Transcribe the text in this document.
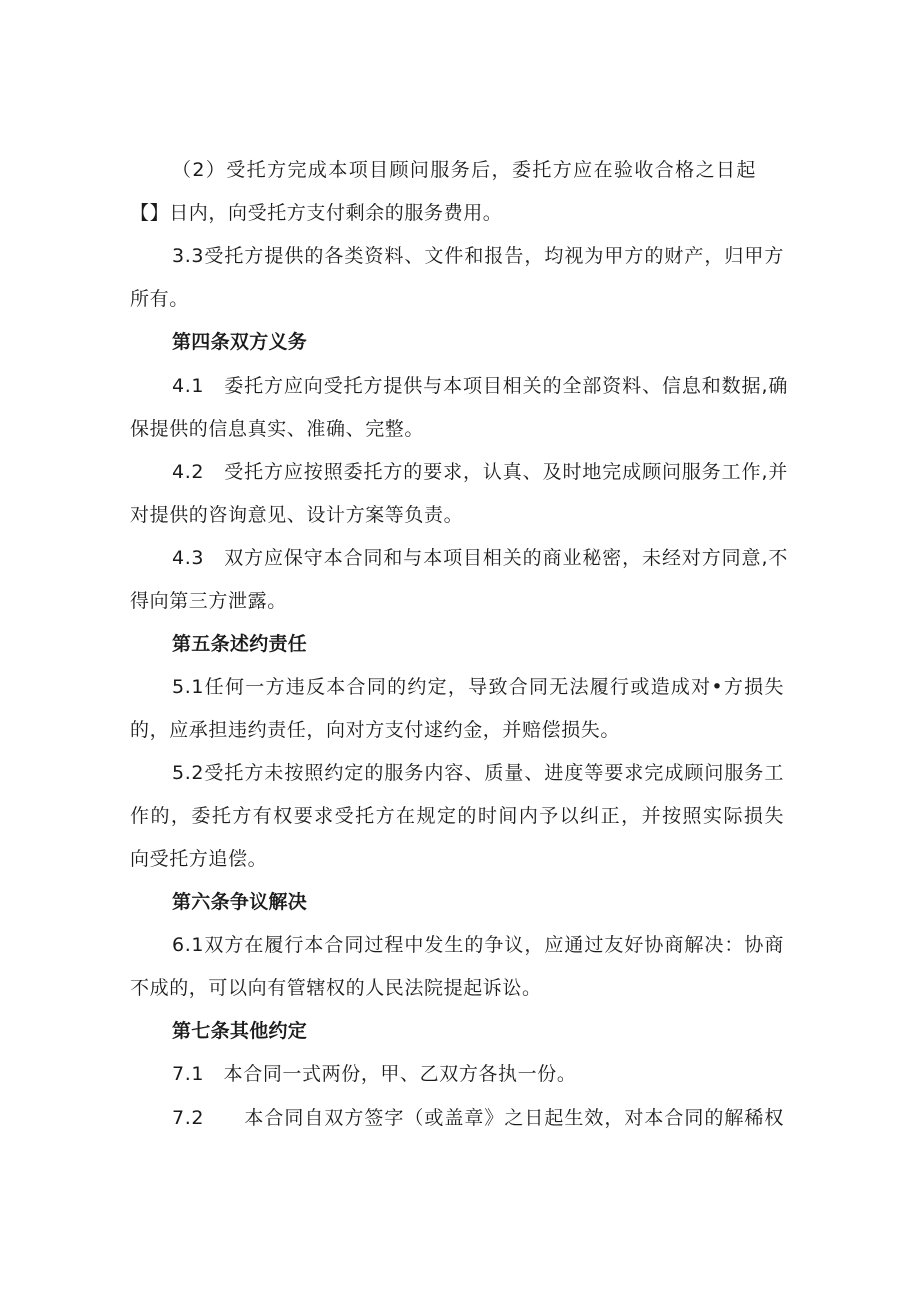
（2）受托方完成本项目顾问服务后，委托方应在验收合格之日起
【】日内，向受托方支付剩余的服务费用。
3.3受托方提供的各类资料、文件和报告，均视为甲方的财产，归甲方
所有。
第四条双方义务
4.1　委托方应向受托方提供与本项目相关的全部资料、信息和数据,确
保提供的信息真实、准确、完整。
4.2　受托方应按照委托方的要求，认真、及时地完成顾问服务工作,并
对提供的咨询意见、设计方案等负责。
4.3　双方应保守本合同和与本项目相关的商业秘密，未经对方同意,不
得向第三方泄露。
第五条述约责任
5.1任何一方违反本合同的约定，导致合同无法履行或造成对•方损失
的，应承担违约责任，向对方支付逑约金，并赔偿损失。
5.2受托方未按照约定的服务内容、质量、进度等要求完成顾问服务工
作的，委托方有权要求受托方在规定的时间内予以纠正，并按照实际损失
向受托方追偿。
第六条争议解决
6.1双方在履行本合同过程中发生的争议，应通过友好协商解决：协商
不成的，可以向有管辖权的人民法院提起诉讼。
第七条其他约定
7.1　本合同一式两份，甲、乙双方各执一份。
7.2　　本合同自双方签字（或盖章》之日起生效，对本合同的解稀权
